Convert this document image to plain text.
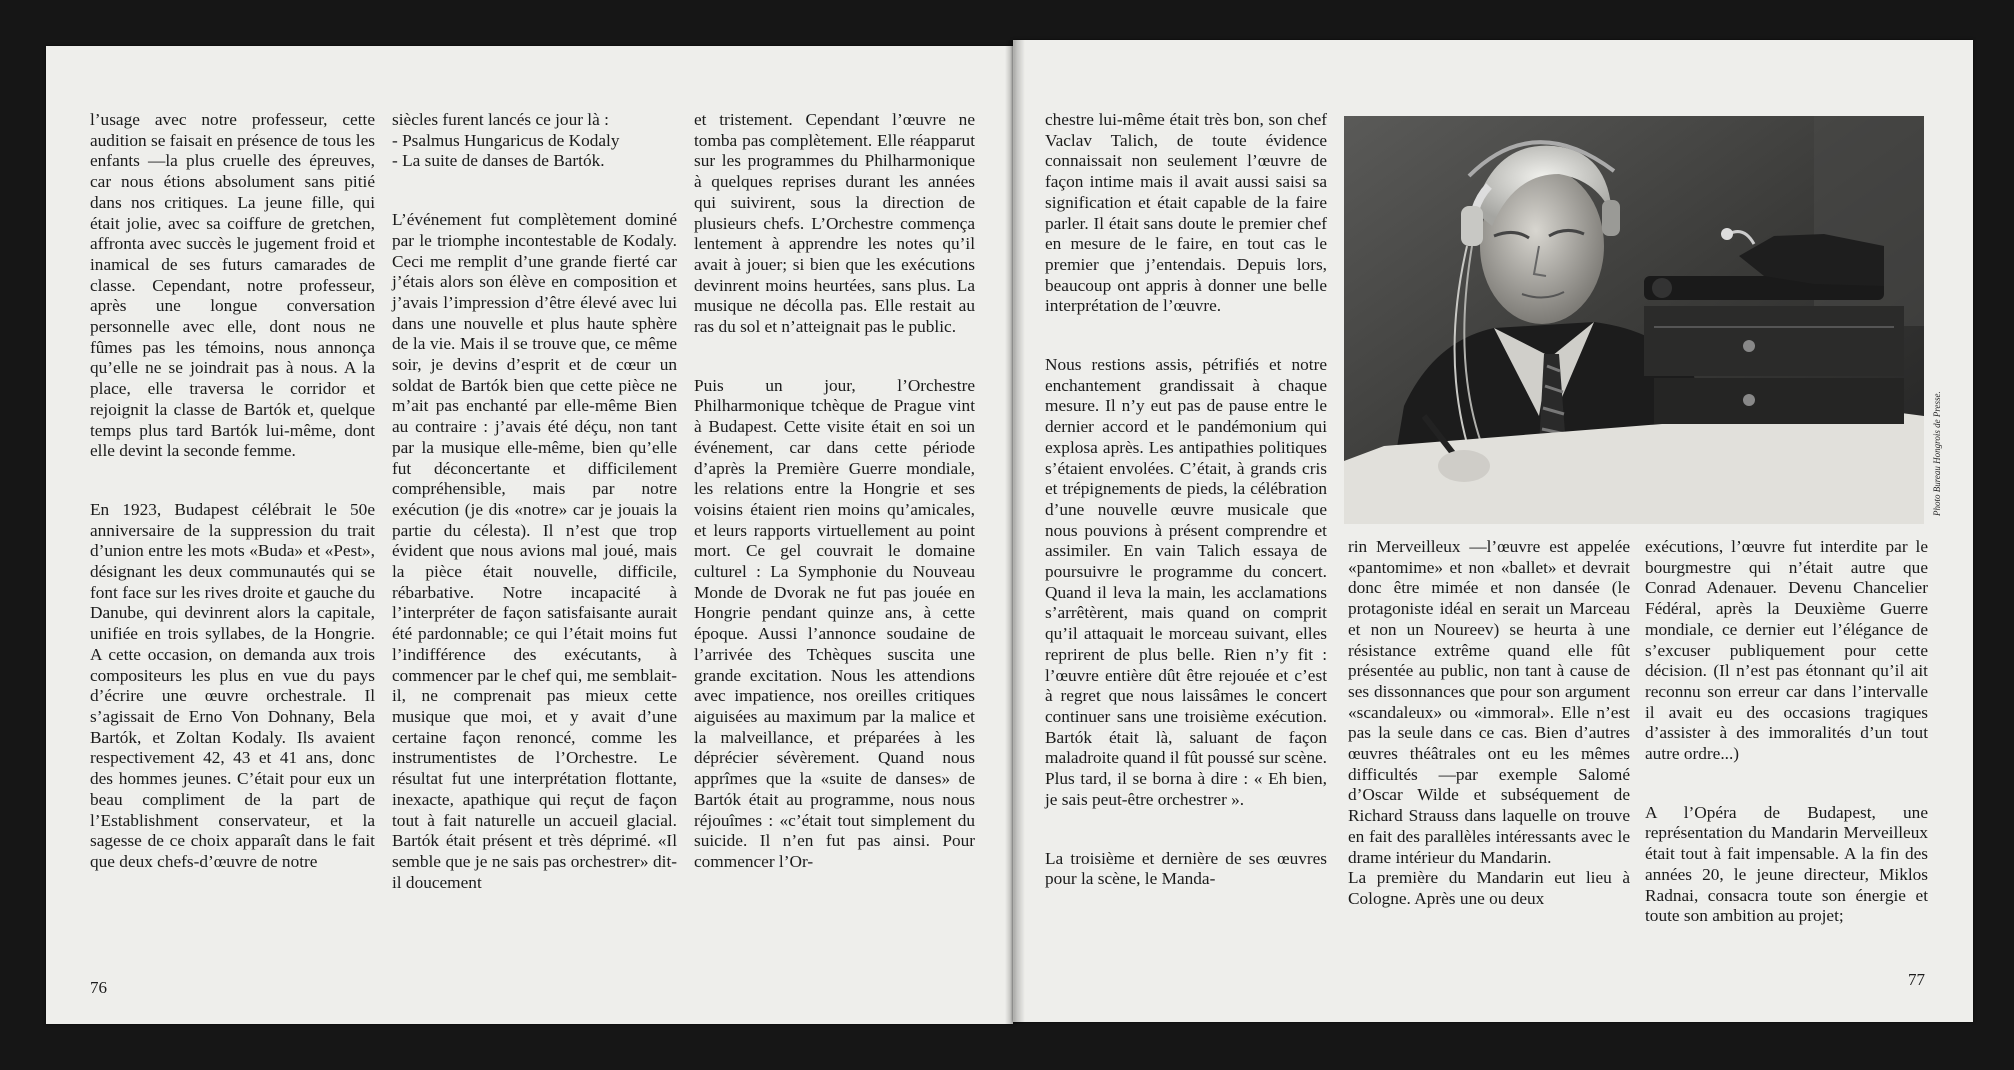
l’usage avec notre professeur, cette audition se faisait en présence de tous les enfants —la plus cruelle des épreuves, car nous étions absolument sans pitié dans nos critiques. La jeune fille, qui était jolie, avec sa coiffure de gretchen, affronta avec succès le jugement froid et inamical de ses futurs camarades de classe. Cependant, notre professeur, après une longue conversation personnelle avec elle, dont nous ne fûmes pas les témoins, nous annonça qu’elle ne se joindrait pas à nous. A la place, elle traversa le corridor et rejoignit la classe de Bartók et, quelque temps plus tard Bartók lui-même, dont elle devint la seconde femme.

En 1923, Budapest célébrait le 50e anniversaire de la suppression du trait d’union entre les mots «Buda» et «Pest», désignant les deux communautés qui se font face sur les rives droite et gauche du Danube, qui devinrent alors la capitale, unifiée en trois syllabes, de la Hongrie. A cette occasion, on demanda aux trois compositeurs les plus en vue du pays d’écrire une œuvre orchestrale. Il s’agissait de Erno Von Dohnany, Bela Bartók, et Zoltan Kodaly. Ils avaient respectivement 42, 43 et 41 ans, donc des hommes jeunes. C’était pour eux un beau compliment de la part de l’Establishment conservateur, et la sagesse de ce choix apparaît dans le fait que deux chefs-d’œuvre de notre

siècles furent lancés ce jour là :

- Psalmus Hungaricus de Kodaly

- La suite de danses de Bartók.

L’événement fut complètement dominé par le triomphe incontestable de Kodaly. Ceci me remplit d’une grande fierté car j’étais alors son élève en composition et j’avais l’impression d’être élevé avec lui dans une nouvelle et plus haute sphère de la vie. Mais il se trouve que, ce même soir, je devins d’esprit et de cœur un soldat de Bartók bien que cette pièce ne m’ait pas enchanté par elle-même Bien au contraire : j’avais été déçu, non tant par la musique elle-même, bien qu’elle fut déconcertante et difficilement compréhensible, mais par notre exécution (je dis «notre» car je jouais la partie du célesta). Il n’est que trop évident que nous avions mal joué, mais la pièce était nouvelle, difficile, rébarbative. Notre incapacité à l’interpréter de façon satisfaisante aurait été pardonnable; ce qui l’était moins fut l’indifférence des exécutants, à commencer par le chef qui, me semblait-il, ne comprenait pas mieux cette musique que moi, et y avait d’une certaine façon renoncé, comme les instrumentistes de l’Orchestre. Le résultat fut une interprétation flottante, inexacte, apathique qui reçut de façon tout à fait naturelle un accueil glacial. Bartók était présent et très déprimé. «Il semble que je ne sais pas orchestrer» dit-il doucement

et tristement. Cependant l’œuvre ne tomba pas complètement. Elle réapparut sur les programmes du Philharmonique à quelques reprises durant les années qui suivirent, sous la direction de plusieurs chefs. L’Orchestre commença lentement à apprendre les notes qu’il avait à jouer; si bien que les exécutions devinrent moins heurtées, sans plus. La musique ne décolla pas. Elle restait au ras du sol et n’atteignait pas le public.

Puis un jour, l’Orchestre Philharmonique tchèque de Prague vint à Budapest. Cette visite était en soi un événement, car dans cette période d’après la Première Guerre mondiale, les relations entre la Hongrie et ses voisins étaient rien moins qu’amicales, et leurs rapports virtuellement au point mort. Ce gel couvrait le domaine culturel : La Symphonie du Nouveau Monde de Dvorak ne fut pas jouée en Hongrie pendant quinze ans, à cette époque. Aussi l’annonce soudaine de l’arrivée des Tchèques suscita une grande excitation. Nous les attendions avec impatience, nos oreilles critiques aiguisées au maximum par la malice et la malveillance, et préparées à les déprécier sévèrement. Quand nous apprîmes que la «suite de danses» de Bartók était au programme, nous nous réjouîmes : «c’était tout simplement du suicide. Il n’en fut pas ainsi. Pour commencer l’Or-

76

chestre lui-même était très bon, son chef Vaclav Talich, de toute évidence connaissait non seulement l’œuvre de façon intime mais il avait aussi saisi sa signification et était capable de la faire parler. Il était sans doute le premier chef en mesure de le faire, en tout cas le premier que j’entendais. Depuis lors, beaucoup ont appris à donner une belle interprétation de l’œuvre.

Nous restions assis, pétrifiés et notre enchantement grandissait à chaque mesure. Il n’y eut pas de pause entre le dernier accord et le pandémonium qui explosa après. Les antipathies politiques s’étaient envolées. C’était, à grands cris et trépignements de pieds, la célébration d’une nouvelle œuvre musicale que nous pouvions à présent comprendre et assimiler. En vain Talich essaya de poursuivre le programme du concert. Quand il leva la main, les acclamations s’arrêtèrent, mais quand on comprit qu’il attaquait le morceau suivant, elles reprirent de plus belle. Rien n’y fit : l’œuvre entière dût être rejouée et c’est à regret que nous laissâmes le concert continuer sans une troisième exécution. Bartók était là, saluant de façon maladroite quand il fût poussé sur scène. Plus tard, il se borna à dire : « Eh bien, je sais peut-être orchestrer ».

La troisième et dernière de ses œuvres pour la scène, le Manda-

Photo Bureau Hongrois de Presse.

rin Merveilleux —l’œuvre est appelée «pantomime» et non «ballet» et devrait donc être mimée et non dansée (le protagoniste idéal en serait un Marceau et non un Noureev) se heurta à une résistance extrême quand elle fût présentée au public, non tant à cause de ses dissonnances que pour son argument «scandaleux» ou «immoral». Elle n’est pas la seule dans ce cas. Bien d’autres œuvres théâtrales ont eu les mêmes difficultés —par exemple Salomé d’Oscar Wilde et subséquement de Richard Strauss dans laquelle on trouve en fait des parallèles intéressants avec le drame intérieur du Mandarin.

La première du Mandarin eut lieu à Cologne. Après une ou deux

exécutions, l’œuvre fut interdite par le bourgmestre qui n’était autre que Conrad Adenauer. Devenu Chancelier Fédéral, après la Deuxième Guerre mondiale, ce dernier eut l’élégance de s’excuser publiquement pour cette décision. (Il n’est pas étonnant qu’il ait reconnu son erreur car dans l’intervalle il avait eu des occasions tragiques d’assister à des immoralités d’un tout autre ordre...)

A l’Opéra de Budapest, une représentation du Mandarin Merveilleux était tout à fait impensable. A la fin des années 20, le jeune directeur, Miklos Radnai, consacra toute son énergie et toute son ambition au projet;

77
